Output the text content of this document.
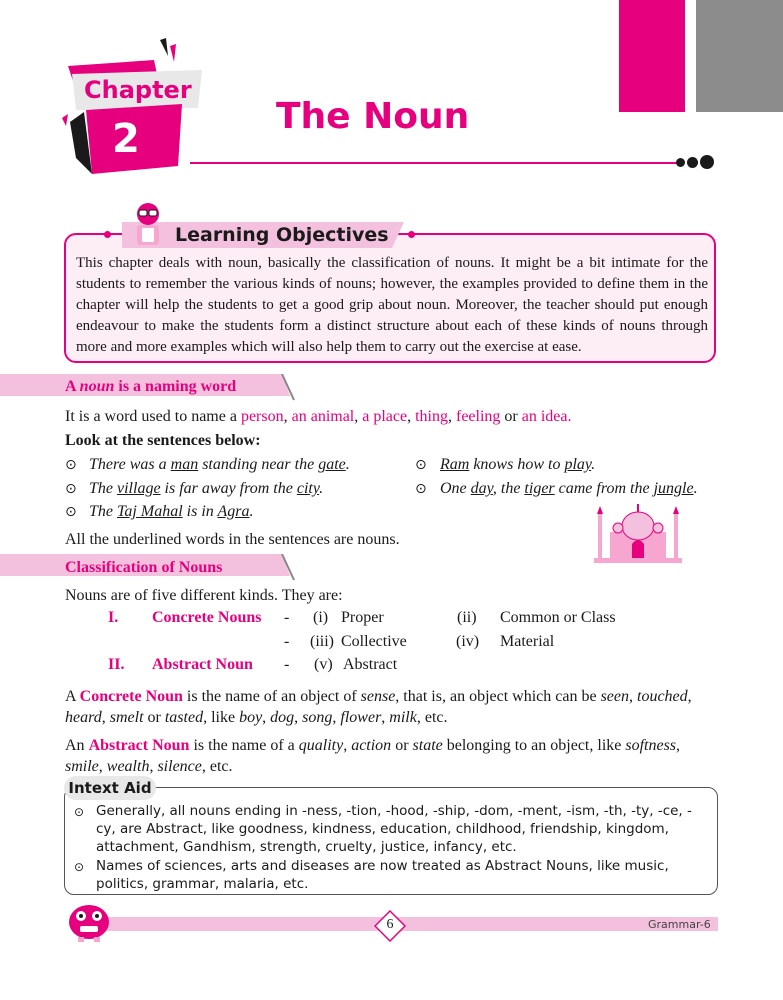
Chapter
2	The Noun
Learning Objectives
This chapter deals with noun, basically the classification of nouns. It might be a bit intimate for the students to remember the various kinds of nouns; however, the examples provided to define them in the chapter will help the students to get a good grip about noun. Moreover, the teacher should put enough endeavour to make the students form a distinct structure about each of these kinds of nouns through more and more examples which will also help them to carry out the exercise at ease.
A noun is a naming word
It is a word used to name a person, an animal, a place, thing, feeling or an idea.
Look at the sentences below:
⊙ There was a man standing near the gate.
⊙ The village is far away from the city.
⊙ The Taj Mahal is in Agra.
⊙ Ram knows how to play.
⊙ One day, the tiger came from the jungle.
All the underlined words in the sentences are nouns.
Classification of Nouns
Nouns are of five different kinds. They are:
I. Concrete Nouns - (i) Proper	(ii) Common or Class
- (iii) Collective	(iv) Material
II. Abstract Noun - (v) Abstract
A Concrete Noun is the name of an object of sense, that is, an object which can be seen, touched, heard, smelt or tasted, like boy, dog, song, flower, milk, etc.
An Abstract Noun is the name of a quality, action or state belonging to an object, like softness, smile, wealth, silence, etc.
Intext Aid
⊙ Generally, all nouns ending in -ness, -tion, -hood, -ship, -dom, -ment, -ism, -th, -ty, -ce, -cy, are Abstract, like goodness, kindness, education, childhood, friendship, kingdom, attachment, Gandhism, strength, cruelty, justice, infancy, etc.
⊙ Names of sciences, arts and diseases are now treated as Abstract Nouns, like music, politics, grammar, malaria, etc.
6	Grammar-6
